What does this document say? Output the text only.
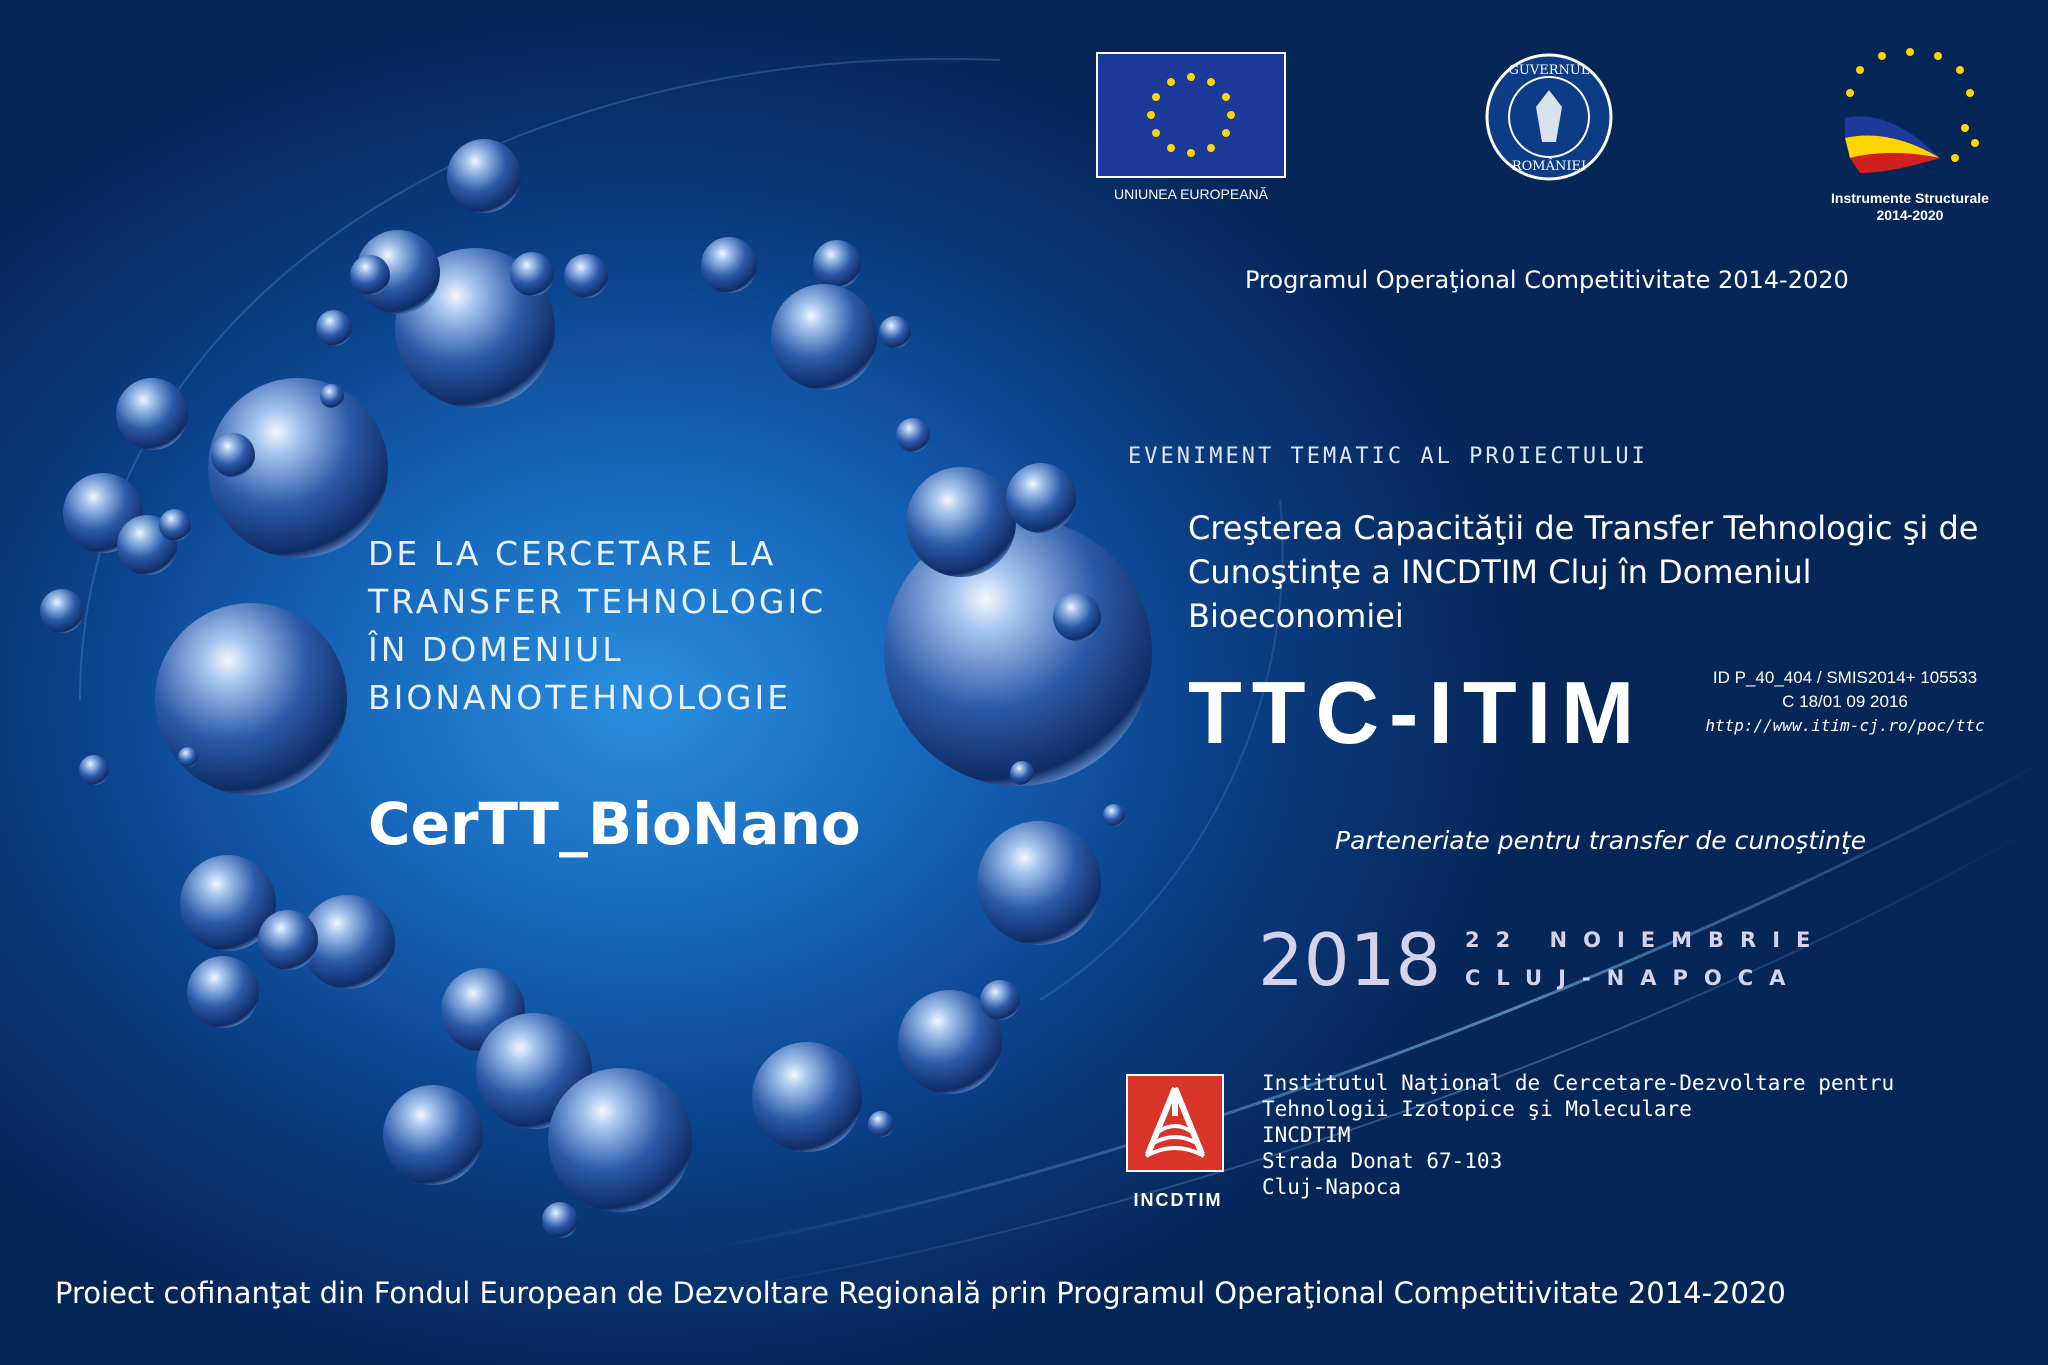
UNIUNEA EUROPEANĂ
GUVERNUL
ROMÂNIEI
Instrumente Structurale
2014-2020
Programul Operaţional Competitivitate 2014-2020
EVENIMENT TEMATIC AL PROIECTULUI
Creşterea Capacităţii de Transfer Tehnologic şi de Cunoştinţe a INCDTIM Cluj în Domeniul Bioeconomiei
TTC-ITIM	ID P_40_404 / SMIS2014+ 105533
C 18/01 09 2016
http://www.itim-cj.ro/poc/ttc
Parteneriate pentru transfer de cunoştinţe
2018 22 NOIEMBRIE
CLUJ-NAPOCA
INCDTIM
Institutul Naţional de Cercetare-Dezvoltare pentru
Tehnologii Izotopice şi Moleculare
INCDTIM
Strada Donat 67-103
Cluj-Napoca
DE LA CERCETARE LA
TRANSFER TEHNOLOGIC
ÎN DOMENIUL
BIONANOTEHNOLOGIE
CerTT_BioNano
Proiect cofinanţat din Fondul European de Dezvoltare Regională prin Programul Operaţional Competitivitate 2014-2020
